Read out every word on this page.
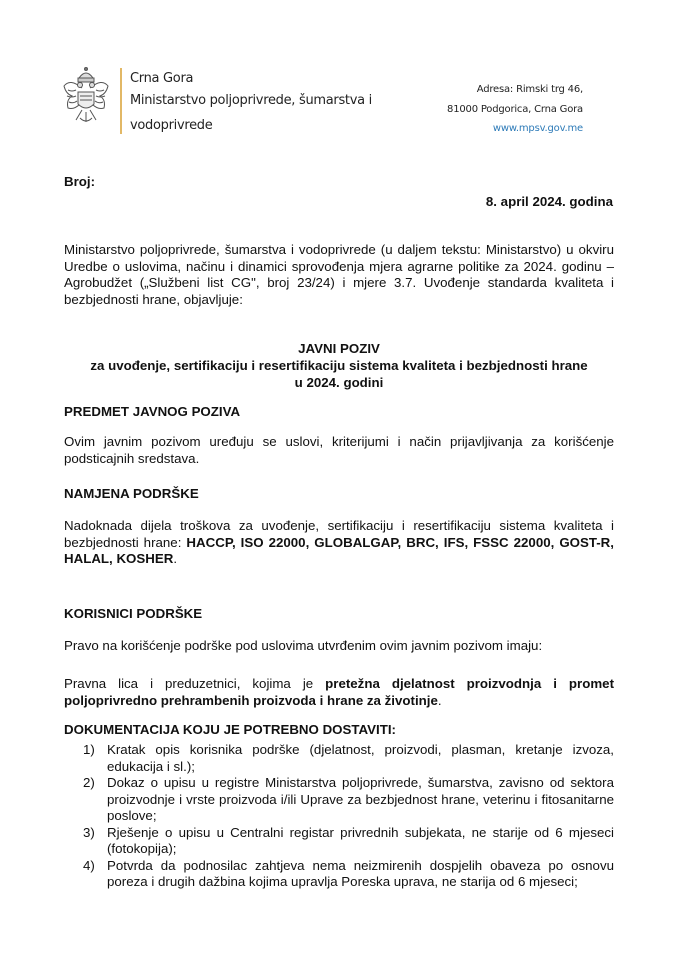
Crna Gora
Ministarstvo poljoprivrede, šumarstva i
vodoprivrede
Adresa: Rimski trg 46,
81000 Podgorica, Crna Gora
www.mpsv.gov.me
Broj:
8. april 2024. godina
Ministarstvo poljoprivrede, šumarstva i vodoprivrede (u daljem tekstu: Ministarstvo) u okviru Uredbe o uslovima, načinu i dinamici sprovođenja mjera agrarne politike za 2024. godinu – Agrobudžet („Službeni list CG", broj 23/24) i mjere 3.7. Uvođenje standarda kvaliteta i bezbjednosti hrane, objavljuje:
JAVNI POZIV
za uvođenje, sertifikaciju i resertifikaciju sistema kvaliteta i bezbjednosti hrane
u 2024. godini
PREDMET JAVNOG POZIVA
Ovim javnim pozivom uređuju se uslovi, kriterijumi i način prijavljivanja za korišćenje podsticajnih sredstava.
NAMJENA PODRŠKE
Nadoknada dijela troškova za uvođenje, sertifikaciju i resertifikaciju sistema kvaliteta i bezbjednosti hrane: HACCP, ISO 22000, GLOBALGAP, BRC, IFS, FSSC 22000, GOST-R, HALAL, KOSHER.
KORISNICI PODRŠKE
Pravo na korišćenje podrške pod uslovima utvrđenim ovim javnim pozivom imaju:
Pravna lica i preduzetnici, kojima je pretežna djelatnost proizvodnja i promet poljoprivredno prehrambenih proizvoda i hrane za životinje.
DOKUMENTACIJA KOJU JE POTREBNO DOSTAVITI:
1) Kratak opis korisnika podrške (djelatnost, proizvodi, plasman, kretanje izvoza, edukacija i sl.);
2) Dokaz o upisu u registre Ministarstva poljoprivrede, šumarstva, zavisno od sektora proizvodnje i vrste proizvoda i/ili Uprave za bezbjednost hrane, veterinu i fitosanitarne poslove;
3) Rješenje o upisu u Centralni registar privrednih subjekata, ne starije od 6 mjeseci (fotokopija);
4) Potvrda da podnosilac zahtjeva nema neizmirenih dospjelih obaveza po osnovu poreza i drugih dažbina kojima upravlja Poreska uprava, ne starija od 6 mjeseci;
